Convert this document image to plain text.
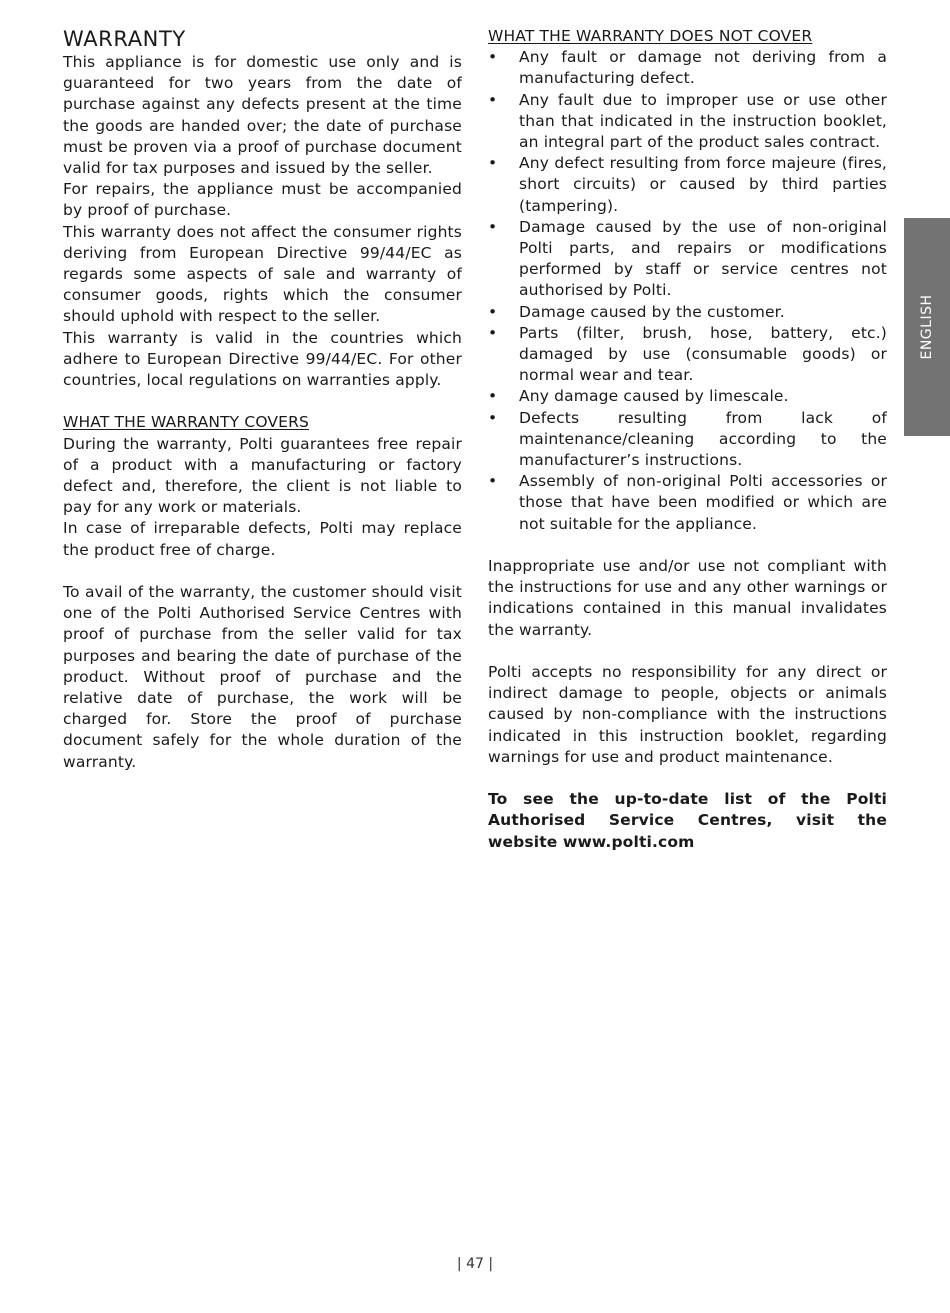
WARRANTY

This appliance is for domestic use only and is guaranteed for two years from the date of purchase against any defects present at the time the goods are handed over; the date of purchase must be proven via a proof of purchase document valid for tax purposes and issued by the seller.

For repairs, the appliance must be accompanied by proof of purchase.

This warranty does not affect the consumer rights deriving from European Directive 99/44/EC as regards some aspects of sale and warranty of consumer goods, rights which the consumer should uphold with respect to the seller.

This warranty is valid in the countries which adhere to European Directive 99/44/EC. For other countries, local regulations on warranties apply.

WHAT THE WARRANTY COVERS

During the warranty, Polti guarantees free repair of a product with a manufacturing or factory defect and, therefore, the client is not liable to pay for any work or materials.

In case of irreparable defects, Polti may replace the product free of charge.

To avail of the warranty, the customer should visit one of the Polti Authorised Service Centres with proof of purchase from the seller valid for tax purposes and bearing the date of purchase of the product. Without proof of purchase and the relative date of purchase, the work will be charged for. Store the proof of purchase document safely for the whole duration of the warranty.

WHAT THE WARRANTY DOES NOT COVER

• Any fault or damage not deriving from a manufacturing defect.
• Any fault due to improper use or use other than that indicated in the instruction booklet, an integral part of the product sales contract.
• Any defect resulting from force majeure (fires, short circuits) or caused by third parties (tampering).
• Damage caused by the use of non-original Polti parts, and repairs or modifications performed by staff or service centres not authorised by Polti.
• Damage caused by the customer.
• Parts (filter, brush, hose, battery, etc.) damaged by use (consumable goods) or normal wear and tear.
• Any damage caused by limescale.
• Defects resulting from lack of maintenance/cleaning according to the manufacturer’s instructions.
• Assembly of non-original Polti accessories or those that have been modified or which are not suitable for the appliance.

Inappropriate use and/or use not compliant with the instructions for use and any other warnings or indications contained in this manual invalidates the warranty.

Polti accepts no responsibility for any direct or indirect damage to people, objects or animals caused by non-compliance with the instructions indicated in this instruction booklet, regarding warnings for use and product maintenance.

To see the up-to-date list of the Polti Authorised Service Centres, visit the website www.polti.com

ENGLISH
| 47 |
